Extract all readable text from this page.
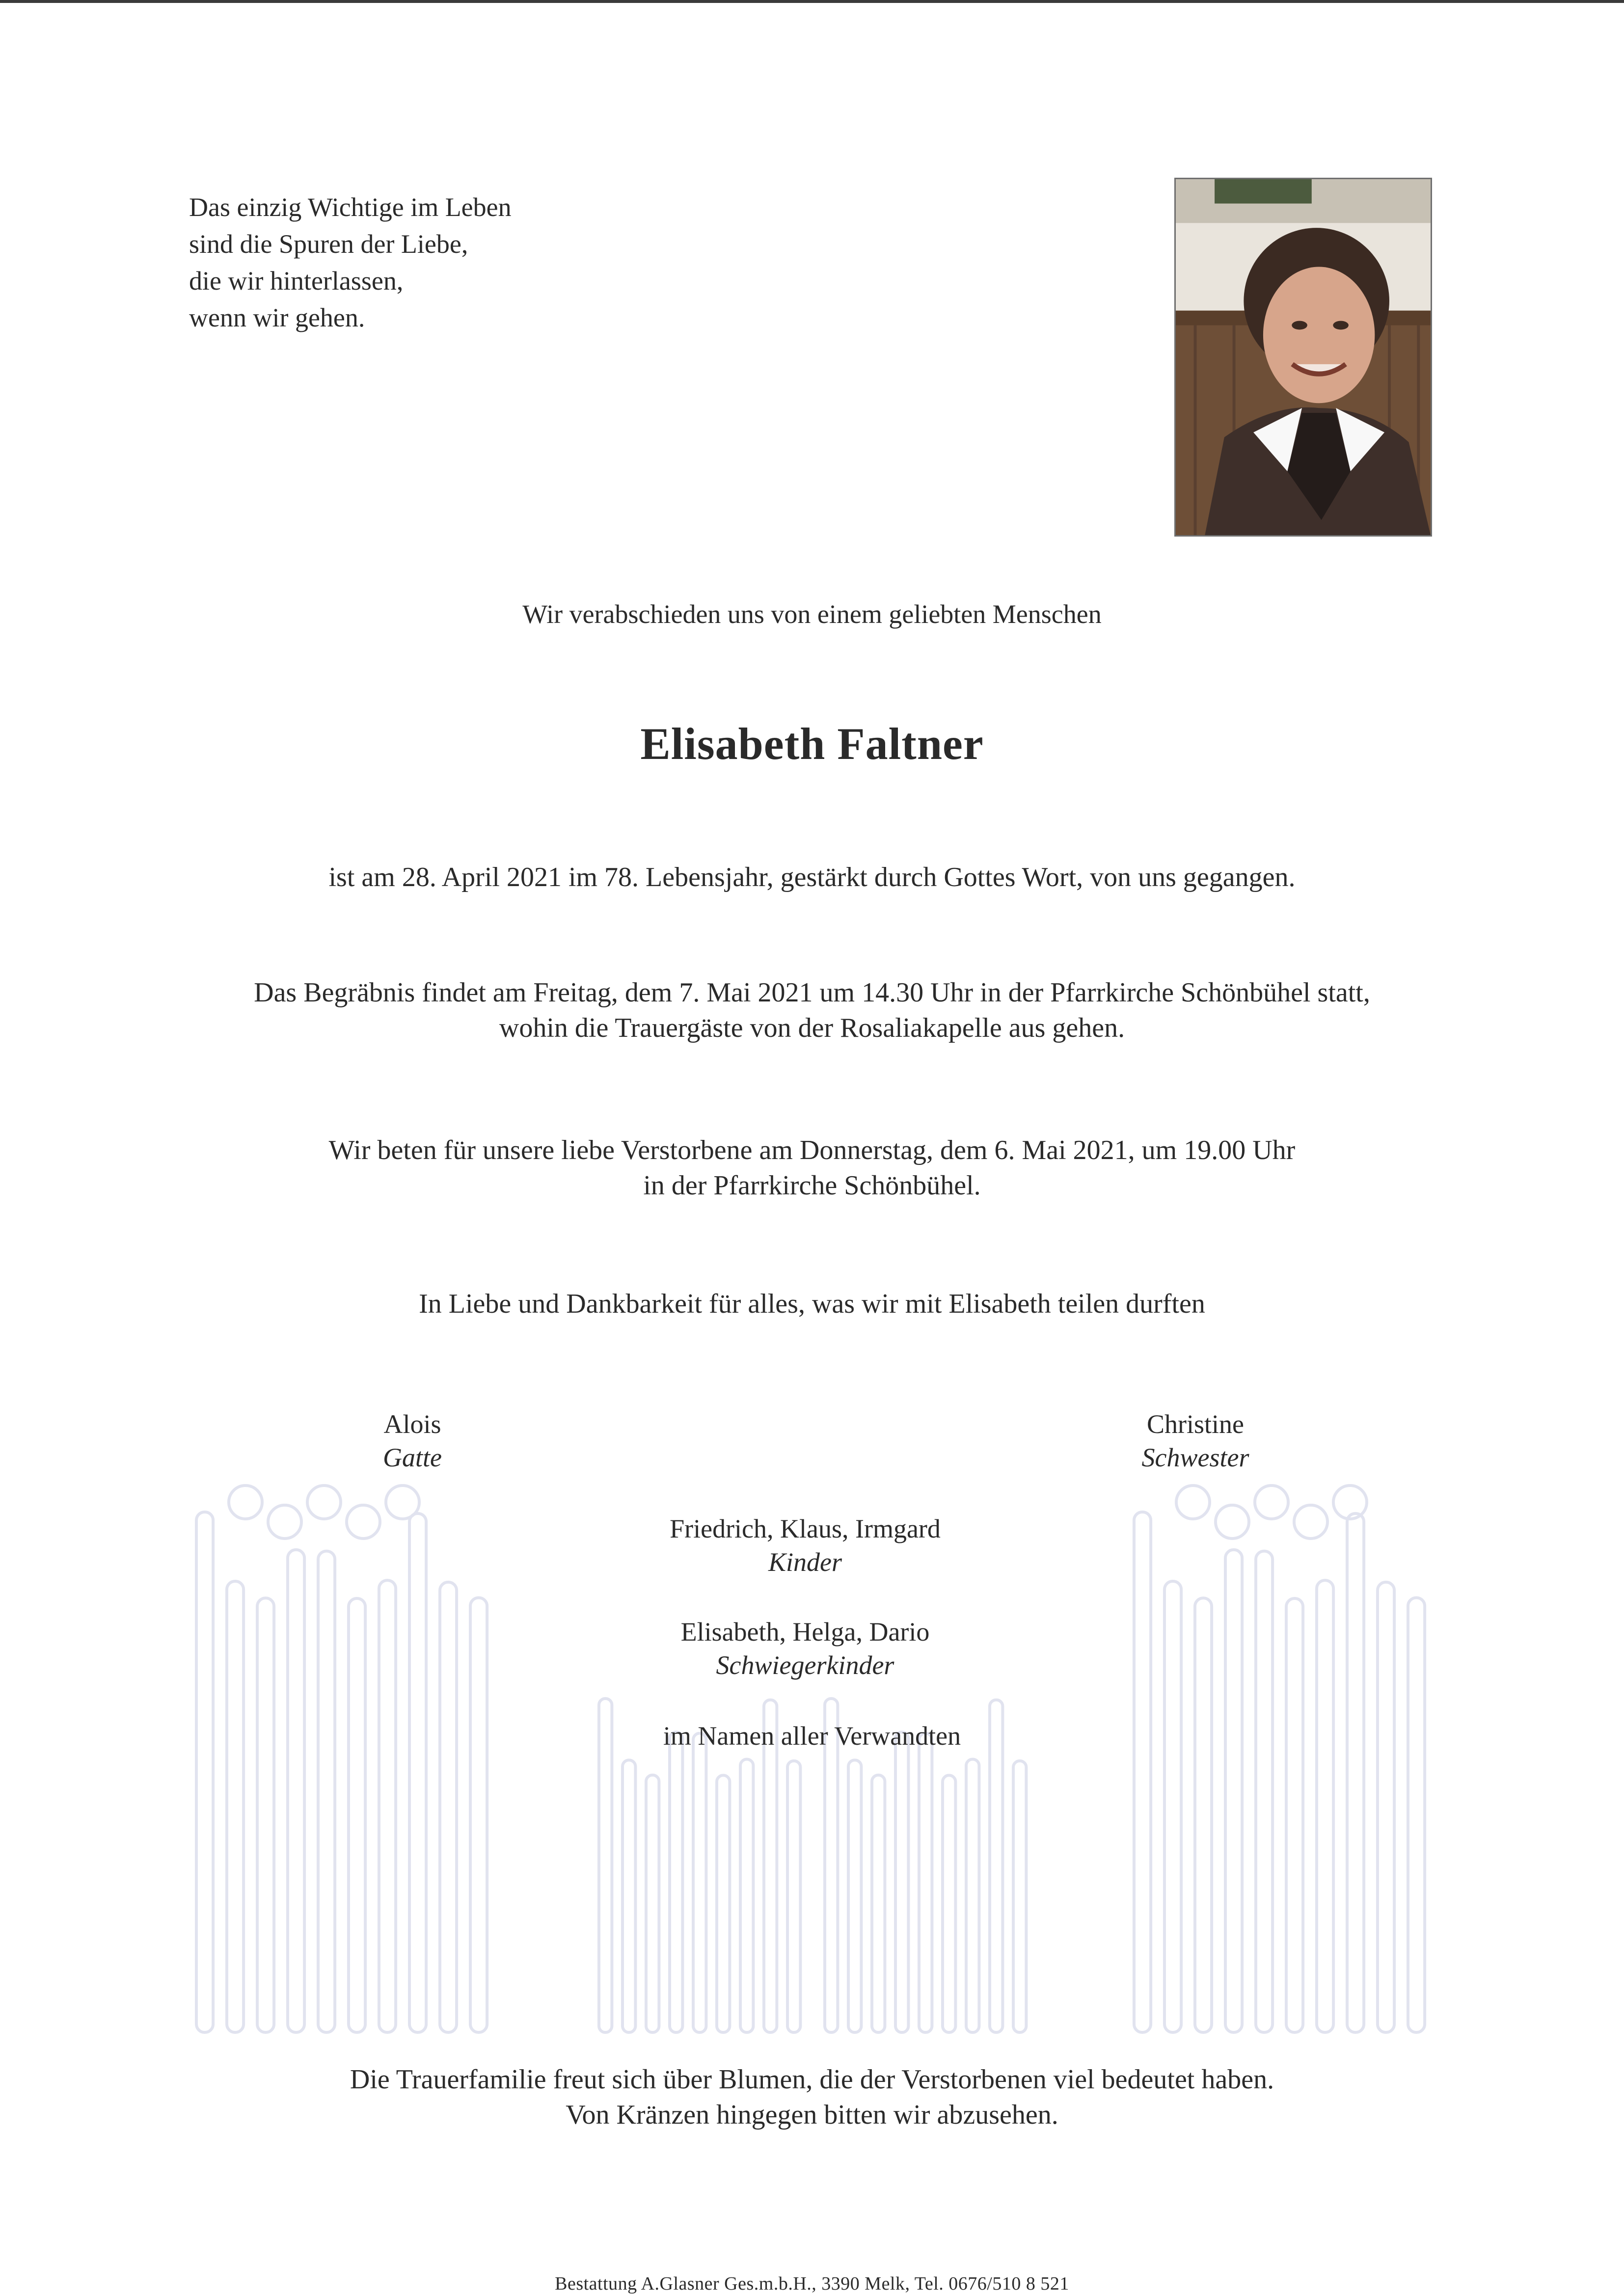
Das einzig Wichtige im Leben
sind die Spuren der Liebe,
die wir hinterlassen,
wenn wir gehen.
Wir verabschieden uns von einem geliebten Menschen
Elisabeth Faltner
ist am 28. April 2021 im 78. Lebensjahr, gestärkt durch Gottes Wort, von uns gegangen.
Das Begräbnis findet am Freitag, dem 7. Mai 2021 um 14.30 Uhr in der Pfarrkirche Schönbühel statt,
wohin die Trauergäste von der Rosaliakapelle aus gehen.
Wir beten für unsere liebe Verstorbene am Donnerstag, dem 6. Mai 2021, um 19.00 Uhr
in der Pfarrkirche Schönbühel.
In Liebe und Dankbarkeit für alles, was wir mit Elisabeth teilen durften
Alois
Gatte
Christine
Schwester
Friedrich, Klaus, Irmgard
Kinder
Elisabeth, Helga, Dario
Schwiegerkinder
im Namen aller Verwandten
Die Trauerfamilie freut sich über Blumen, die der Verstorbenen viel bedeutet haben.
Von Kränzen hingegen bitten wir abzusehen.
Bestattung A.Glasner Ges.m.b.H., 3390 Melk, Tel. 0676/510 8 521
